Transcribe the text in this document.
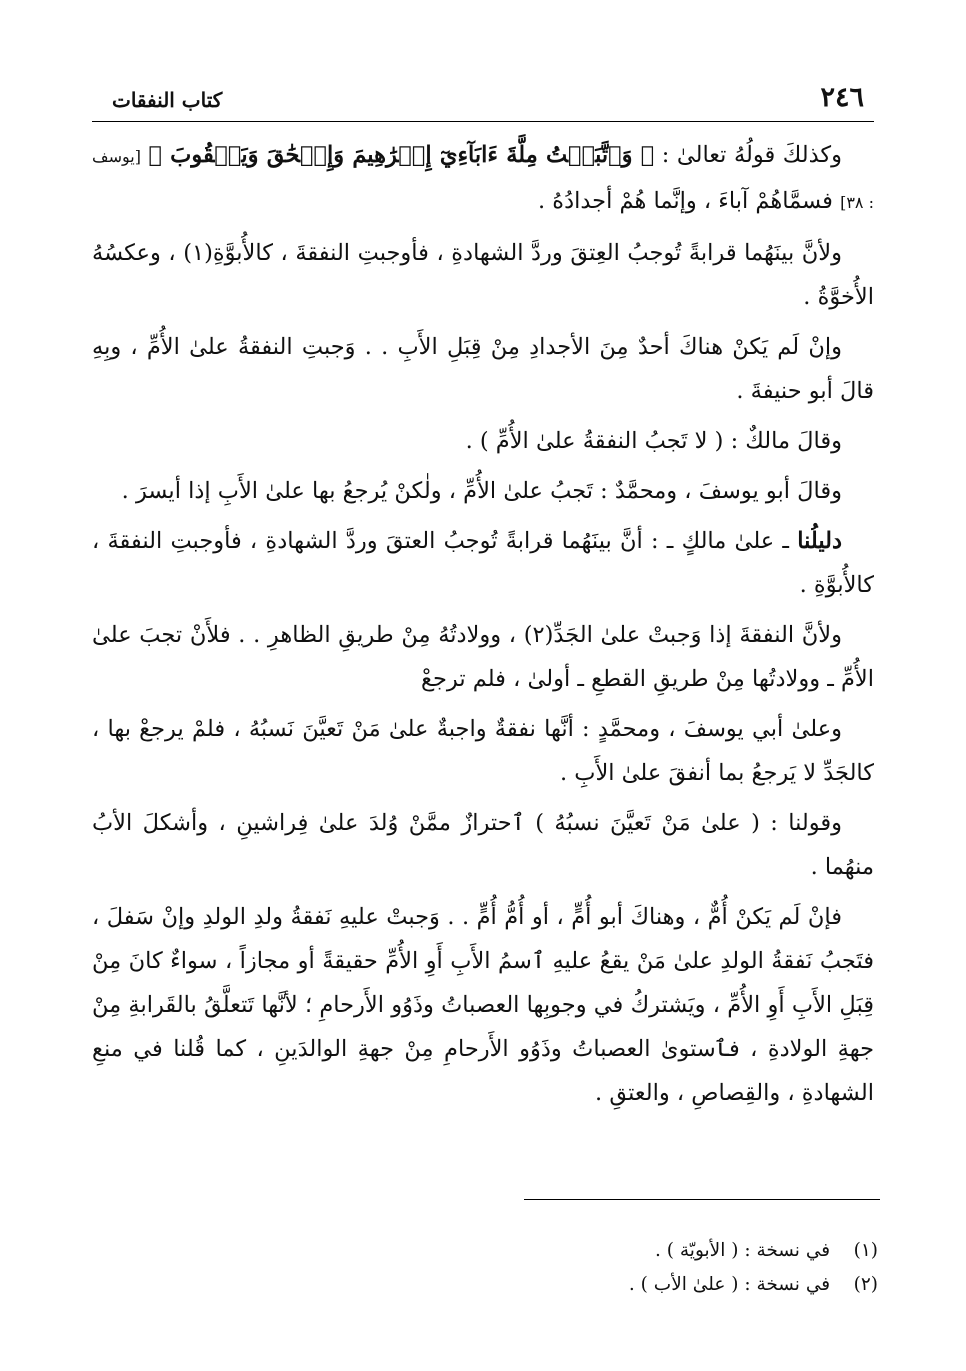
٢٤٦
كتاب النفقات

وكذلكَ قولُهُ تعالىٰ : ﴿ وَٱتَّبَعۡتُ مِلَّةَ ءَابَآءِيٓ إِبۡرَٰهِيمَ وَإِسۡحَٰقَ وَيَعۡقُوبَ ﴾ [يوسف : ٣٨] فسمَّاهُمْ آباءَ ، وإنَّما هُمْ أجدادُهُ .

ولأنَّ بينَهُما قرابةً تُوجبُ العِتقَ وردَّ الشهادةِ ، فأوجبتِ النفقةَ ، كالأُبوَّةِ(١) ، وعكسُهُ الأُخوَّةُ .

وإنْ لَم يَكنْ هناكَ أحدٌ مِنَ الأجدادِ مِنْ قِبَلِ الأَبِ . . وَجبتِ النفقةُ علىٰ الأُمِّ ، وبِهِ قالَ أبو حنيفةَ .

وقالَ مالكٌ : ( لا تَجبُ النفقةُ علىٰ الأُمِّ ) .

وقالَ أبو يوسفَ ، ومحمَّدٌ : تَجبُ علىٰ الأُمِّ ، ولٰكنْ يُرجعُ بها علىٰ الأَبِ إذا أيسرَ .

دليلُنا ـ علىٰ مالكٍ ـ : أنَّ بينَهُما قرابةً تُوجبُ العتقَ وردَّ الشهادةِ ، فأوجبتِ النفقةَ ، كالأُبوَّةِ .

ولأنَّ النفقةَ إذا وَجبتْ علىٰ الجَدِّ(٢) ، وولادتُهُ مِنْ طريقِ الظاهرِ . . فلأَنْ تجبَ علىٰ الأُمِّ ـ وولادتُها مِنْ طريقِ القطعِ ـ أولىٰ ، فلم ترجعْ

وعلىٰ أبي يوسفَ ، ومحمَّدٍ : أنَّها نفقةٌ واجبةٌ علىٰ مَنْ تَعيَّنَ نَسبُهُ ، فلمْ يرجعْ بها ، كالجَدِّ لا يَرجعُ بما أنفقَ علىٰ الأَبِ .

وقولنا : ( علىٰ مَنْ تَعيَّنَ نسبُهُ ) ٱحترازٌ ممَّنْ وُلدَ علىٰ فِراشينِ ، وأشكلَ الأبُ منهُما .

فإنْ لَم يَكنْ أُمٌّ ، وهناكَ أبو أُمٍّ ، أو أُمُّ أُمٍّ . . وَجبتْ عليهِ نَفقةُ ولدِ الولدِ وإنْ سَفلَ ، فتَجبُ نَفقةُ الولدِ علىٰ مَنْ يقعُ عليهِ ٱسمُ الأَبِ أَوِ الأُمِّ حقيقةً أو مجازاً ، سواءٌ كانَ مِنْ قِبَلِ الأَبِ أَوِ الأُمِّ ، ويَشتركُ في وجوبِها العصباتُ وذَوُو الأَرحامِ ؛ لأنَّها تَتعلَّقُ بالقَرابةِ مِنْ جهةِ الولادةِ ، فٱستوىٰ العصباتُ وذَوُو الأَرحامِ مِنْ جهةِ الوالدَينِ ، كما قُلنا في منعِ الشهادةِ ، والقِصاصِ ، والعتقِ .

(١) في نسخة : ( الأبويّة ) .
(٢) في نسخة : ( علىٰ الأب ) .
